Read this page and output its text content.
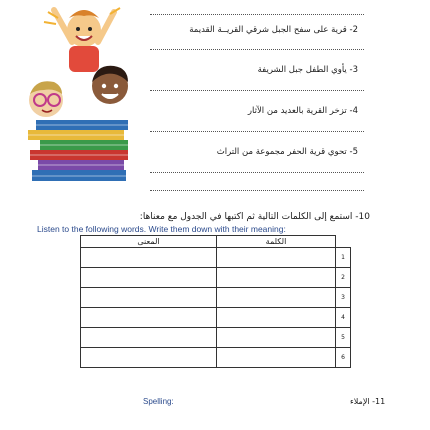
2- قرية على سفح الجبل شرقي القريــة القديمة
3- يأوي الطفل جبل الشريفة
4- تزخر القرية بالعديد من الآثار
5- تحوي قرية الحفر مجموعة من التراث
10- استمع إلى الكلمات التالية ثم اكتبها في الجدول مع معناها:
Listen to the following words. Write them down with their meaning:
المعنى	الكلمة	
		1
		2
		3
		4
		5
		6
Spelling:	11- الإملاء
